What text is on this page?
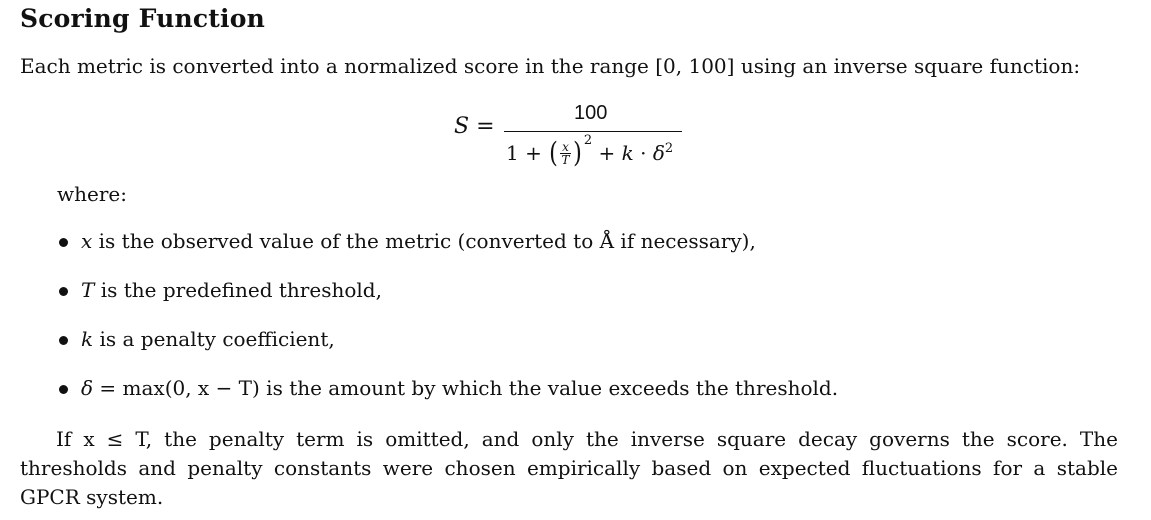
Scoring Function
Each metric is converted into a normalized score in the range [0, 100] using an inverse square function:
S =
100
1 + ( $\frac{x}{T}$ ) $^2 + k \cdot \delta^2$
where:
x is the observed value of the metric (converted to Å if necessary),
T is the predefined threshold,
k is a penalty coefficient,
δ = max(0, x − T) is the amount by which the value exceeds the threshold.
If x ≤ T, the penalty term is omitted, and only the inverse square decay governs the score. The thresholds and penalty constants were chosen empirically based on expected fluctuations for a stable GPCR system.
